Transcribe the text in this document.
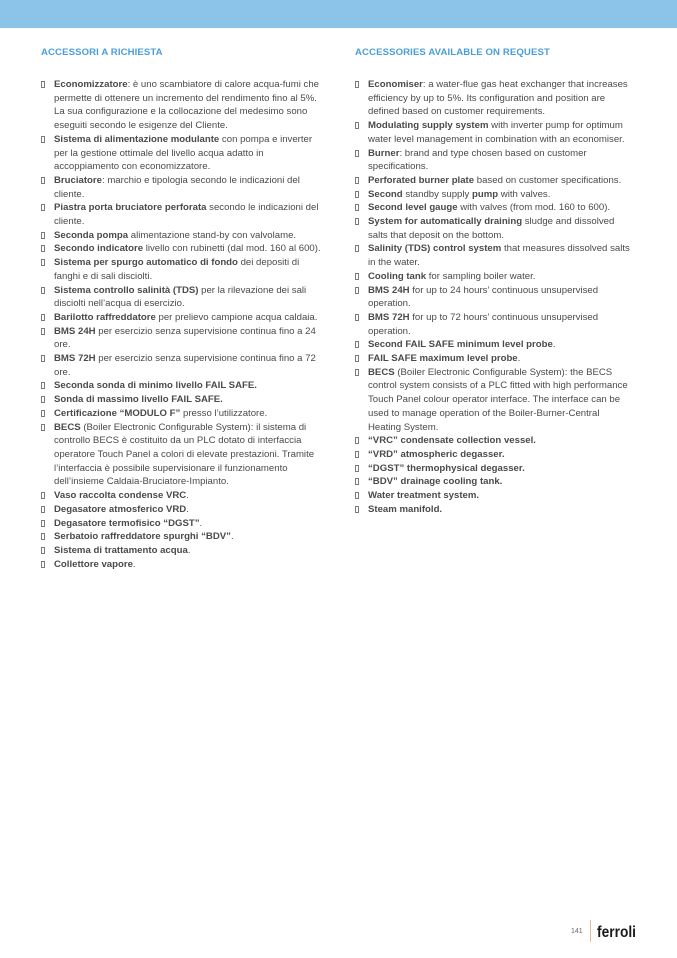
ACCESSORI A RICHIESTA
Economizzatore: è uno scambiatore di calore acqua-fumi che permette di ottenere un incremento del rendimento fino al 5%. La sua configurazione e la collocazione del medesimo sono eseguiti secondo le esigenze del Cliente.
Sistema di alimentazione modulante con pompa e inverter per la gestione ottimale del livello acqua adatto in accoppiamento con economizzatore.
Bruciatore: marchio e tipologia secondo le indicazioni del cliente.
Piastra porta bruciatore perforata secondo le indicazioni del cliente.
Seconda pompa alimentazione stand-by con valvolame.
Secondo indicatore livello con rubinetti (dal mod. 160 al 600).
Sistema per spurgo automatico di fondo dei depositi di fanghi e di sali disciolti.
Sistema controllo salinità (TDS) per la rilevazione dei sali disciolti nell’acqua di esercizio.
Barilotto raffreddatore per prelievo campione acqua caldaia.
BMS 24H per esercizio senza supervisione continua fino a 24 ore.
BMS 72H per esercizio senza supervisione continua fino a 72 ore.
Seconda sonda di minimo livello FAIL SAFE.
Sonda di massimo livello FAIL SAFE.
Certificazione “MODULO F” presso l’utilizzatore.
BECS (Boiler Electronic Configurable System): il sistema di controllo BECS è costituito da un PLC dotato di interfaccia operatore Touch Panel a colori di elevate prestazioni. Tramite l’interfaccia è possibile supervisionare il funzionamento dell’insieme Caldaia-Bruciatore-Impianto.
Vaso raccolta condense VRC.
Degasatore atmosferico VRD.
Degasatore termofisico “DGST”.
Serbatoio raffreddatore spurghi “BDV”.
Sistema di trattamento acqua.
Collettore vapore.
ACCESSORIES AVAILABLE ON REQUEST
Economiser: a water-flue gas heat exchanger that increases efficiency by up to 5%. Its configuration and position are defined based on customer requirements.
Modulating supply system with inverter pump for optimum water level management in combination with an economiser.
Burner: brand and type chosen based on customer specifications.
Perforated burner plate based on customer specifications.
Second standby supply pump with valves.
Second level gauge with valves (from mod. 160 to 600).
System for automatically draining sludge and dissolved salts that deposit on the bottom.
Salinity (TDS) control system that measures dissolved salts in the water.
Cooling tank for sampling boiler water.
BMS 24H for up to 24 hours’ continuous unsupervised operation.
BMS 72H for up to 72 hours’ continuous unsupervised operation.
Second FAIL SAFE minimum level probe.
FAIL SAFE maximum level probe.
BECS (Boiler Electronic Configurable System): the BECS control system consists of a PLC fitted with high performance Touch Panel colour operator interface. The interface can be used to manage operation of the Boiler-Burner-Central Heating System.
“VRC” condensate collection vessel.
“VRD” atmospheric degasser.
“DGST” thermophysical degasser.
“BDV” drainage cooling tank.
Water treatment system.
Steam manifold.
141 ferroli
